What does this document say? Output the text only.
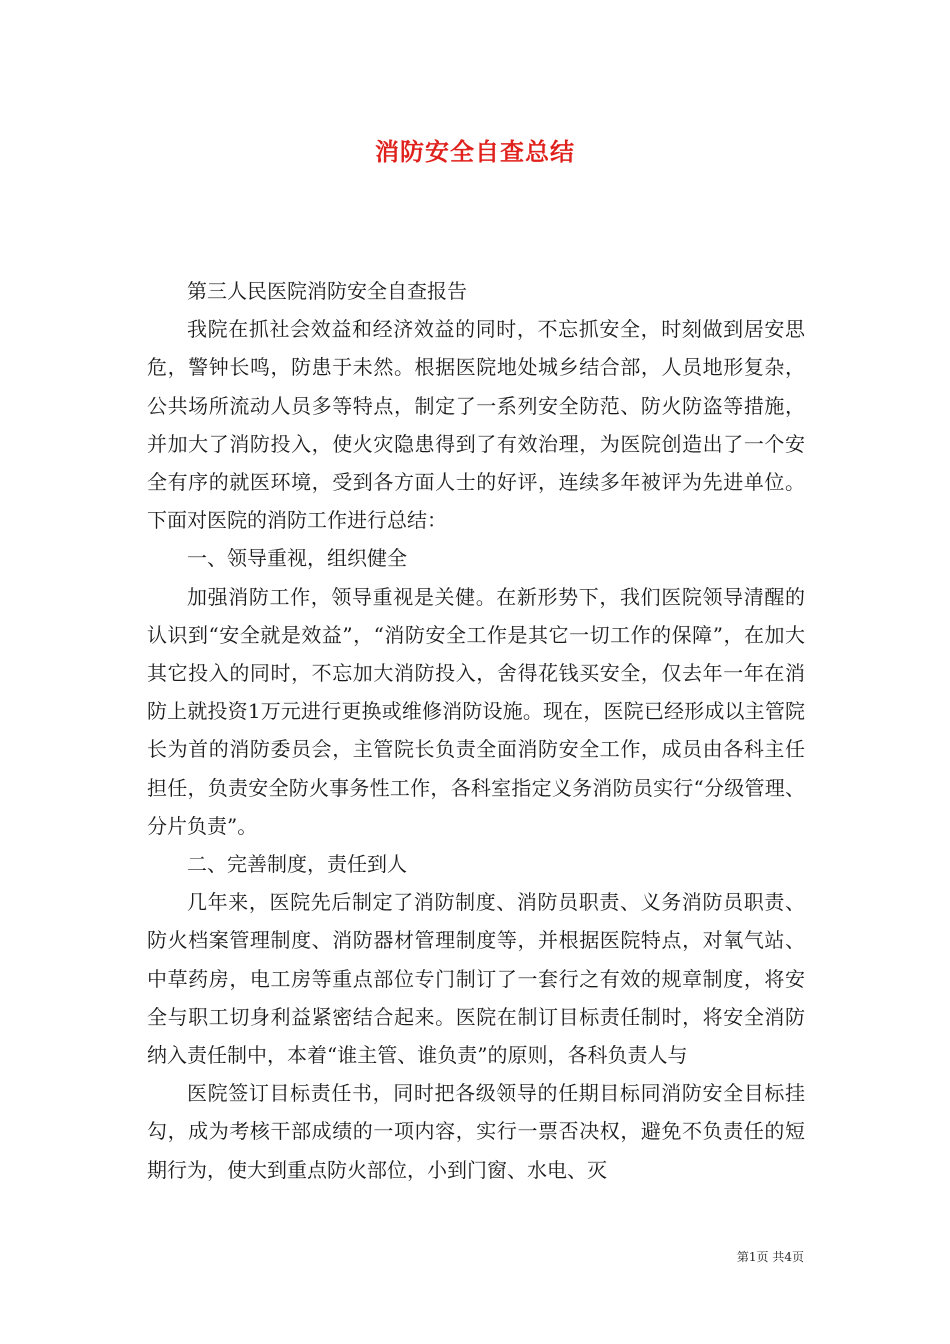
消防安全自查总结

第三人民医院消防安全自查报告

我院在抓社会效益和经济效益的同时，不忘抓安全，时刻做到居安思危，警钟长鸣，防患于未然。根据医院地处城乡结合部，人员地形复杂，公共场所流动人员多等特点，制定了一系列安全防范、防火防盗等措施，并加大了消防投入，使火灾隐患得到了有效治理，为医院创造出了一个安全有序的就医环境，受到各方面人士的好评，连续多年被评为先进单位。下面对医院的消防工作进行总结：

一、领导重视，组织健全

加强消防工作，领导重视是关健。在新形势下，我们医院领导清醒的认识到“安全就是效益”，“消防安全工作是其它一切工作的保障”，在加大其它投入的同时，不忘加大消防投入，舍得花钱买安全，仅去年一年在消防上就投资1万元进行更换或维修消防设施。现在，医院已经形成以主管院长为首的消防委员会，主管院长负责全面消防安全工作，成员由各科主任担任，负责安全防火事务性工作，各科室指定义务消防员实行“分级管理、分片负责”。

二、完善制度，责任到人

几年来，医院先后制定了消防制度、消防员职责、义务消防员职责、防火档案管理制度、消防器材管理制度等，并根据医院特点，对氧气站、中草药房，电工房等重点部位专门制订了一套行之有效的规章制度，将安全与职工切身利益紧密结合起来。医院在制订目标责任制时，将安全消防纳入责任制中，本着“谁主管、谁负责”的原则，各科负责人与

医院签订目标责任书，同时把各级领导的任期目标同消防安全目标挂勾，成为考核干部成绩的一项内容，实行一票否决权，避免不负责任的短期行为，使大到重点防火部位，小到门窗、水电、灭

第1页 共4页
